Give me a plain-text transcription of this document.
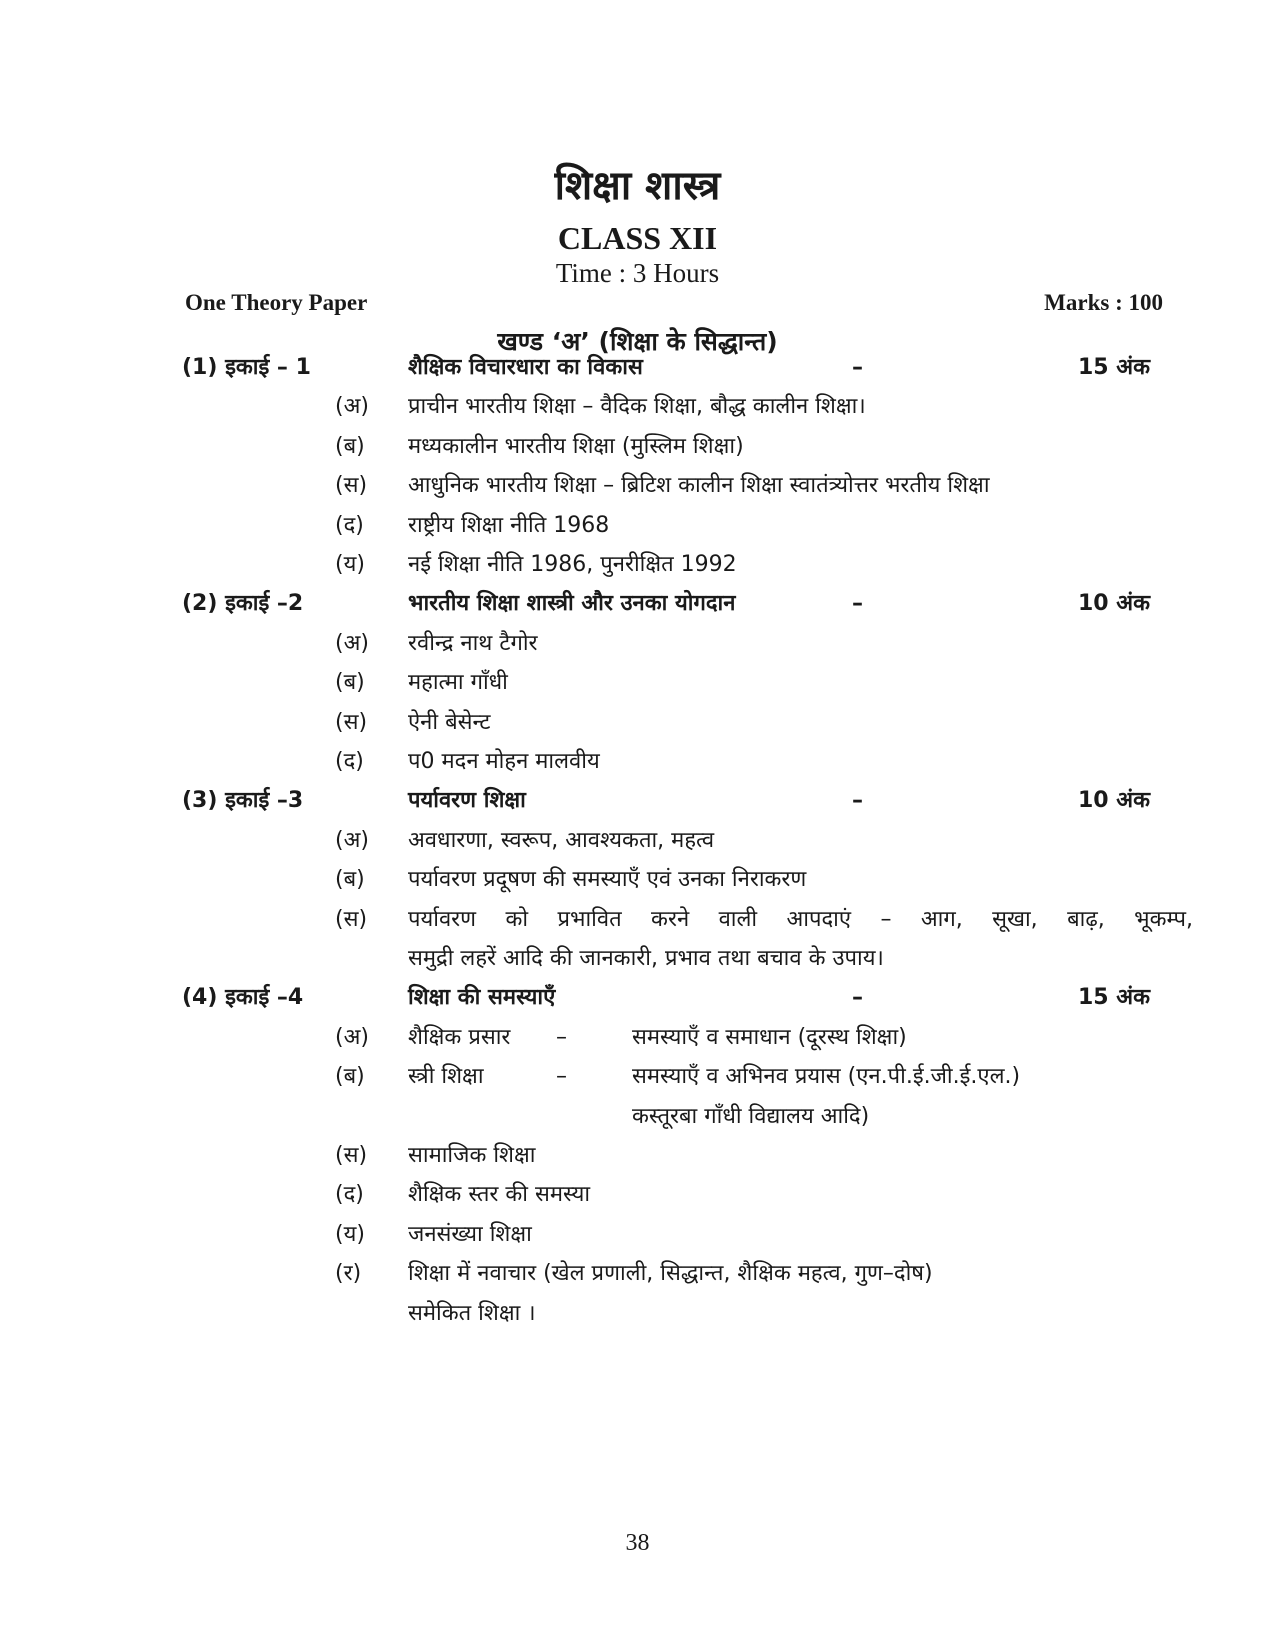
शिक्षा शास्त्र
CLASS XII
Time : 3 Hours
One Theory Paper	Marks : 100
खण्ड ‘अ’ (शिक्षा के सिद्धान्त)
(1) इकाई – 1	शैक्षिक विचारधारा का विकास	–	15 अंक
(अ) प्राचीन भारतीय शिक्षा – वैदिक शिक्षा, बौद्ध कालीन शिक्षा।
(ब) मध्यकालीन भारतीय शिक्षा (मुस्लिम शिक्षा)
(स) आधुनिक भारतीय शिक्षा – ब्रिटिश कालीन शिक्षा स्वातंत्र्योत्तर भरतीय शिक्षा
(द) राष्ट्रीय शिक्षा नीति 1968
(य) नई शिक्षा नीति 1986, पुनरीक्षित 1992
(2) इकाई –2	भारतीय शिक्षा शास्त्री और उनका योगदान	–	10 अंक
(अ) रवीन्द्र नाथ टैगोर
(ब) महात्मा गाँधी
(स) ऐनी बेसेन्ट
(द) प0 मदन मोहन मालवीय
(3) इकाई –3	पर्यावरण शिक्षा	–	10 अंक
(अ) अवधारणा, स्वरूप, आवश्यकता, महत्व
(ब) पर्यावरण प्रदूषण की समस्याएँ एवं उनका निराकरण
(स) पर्यावरण को प्रभावित करने वाली आपदाएं – आग, सूखा, बाढ़, भूकम्प,
समुद्री लहरें आदि की जानकारी, प्रभाव तथा बचाव के उपाय।
(4) इकाई –4	शिक्षा की समस्याएँ	–	15 अंक
(अ) शैक्षिक प्रसार –	समस्याएँ व समाधान (दूरस्थ शिक्षा)
(ब) स्त्री शिक्षा	–	समस्याएँ व अभिनव प्रयास (एन.पी.ई.जी.ई.एल.)
कस्तूरबा गाँधी विद्यालय आदि)
(स) सामाजिक शिक्षा
(द) शैक्षिक स्तर की समस्या
(य) जनसंख्या शिक्षा
(र) शिक्षा में नवाचार (खेल प्रणाली, सिद्धान्त, शैक्षिक महत्व, गुण–दोष)
समेकित शिक्षा ।
38
